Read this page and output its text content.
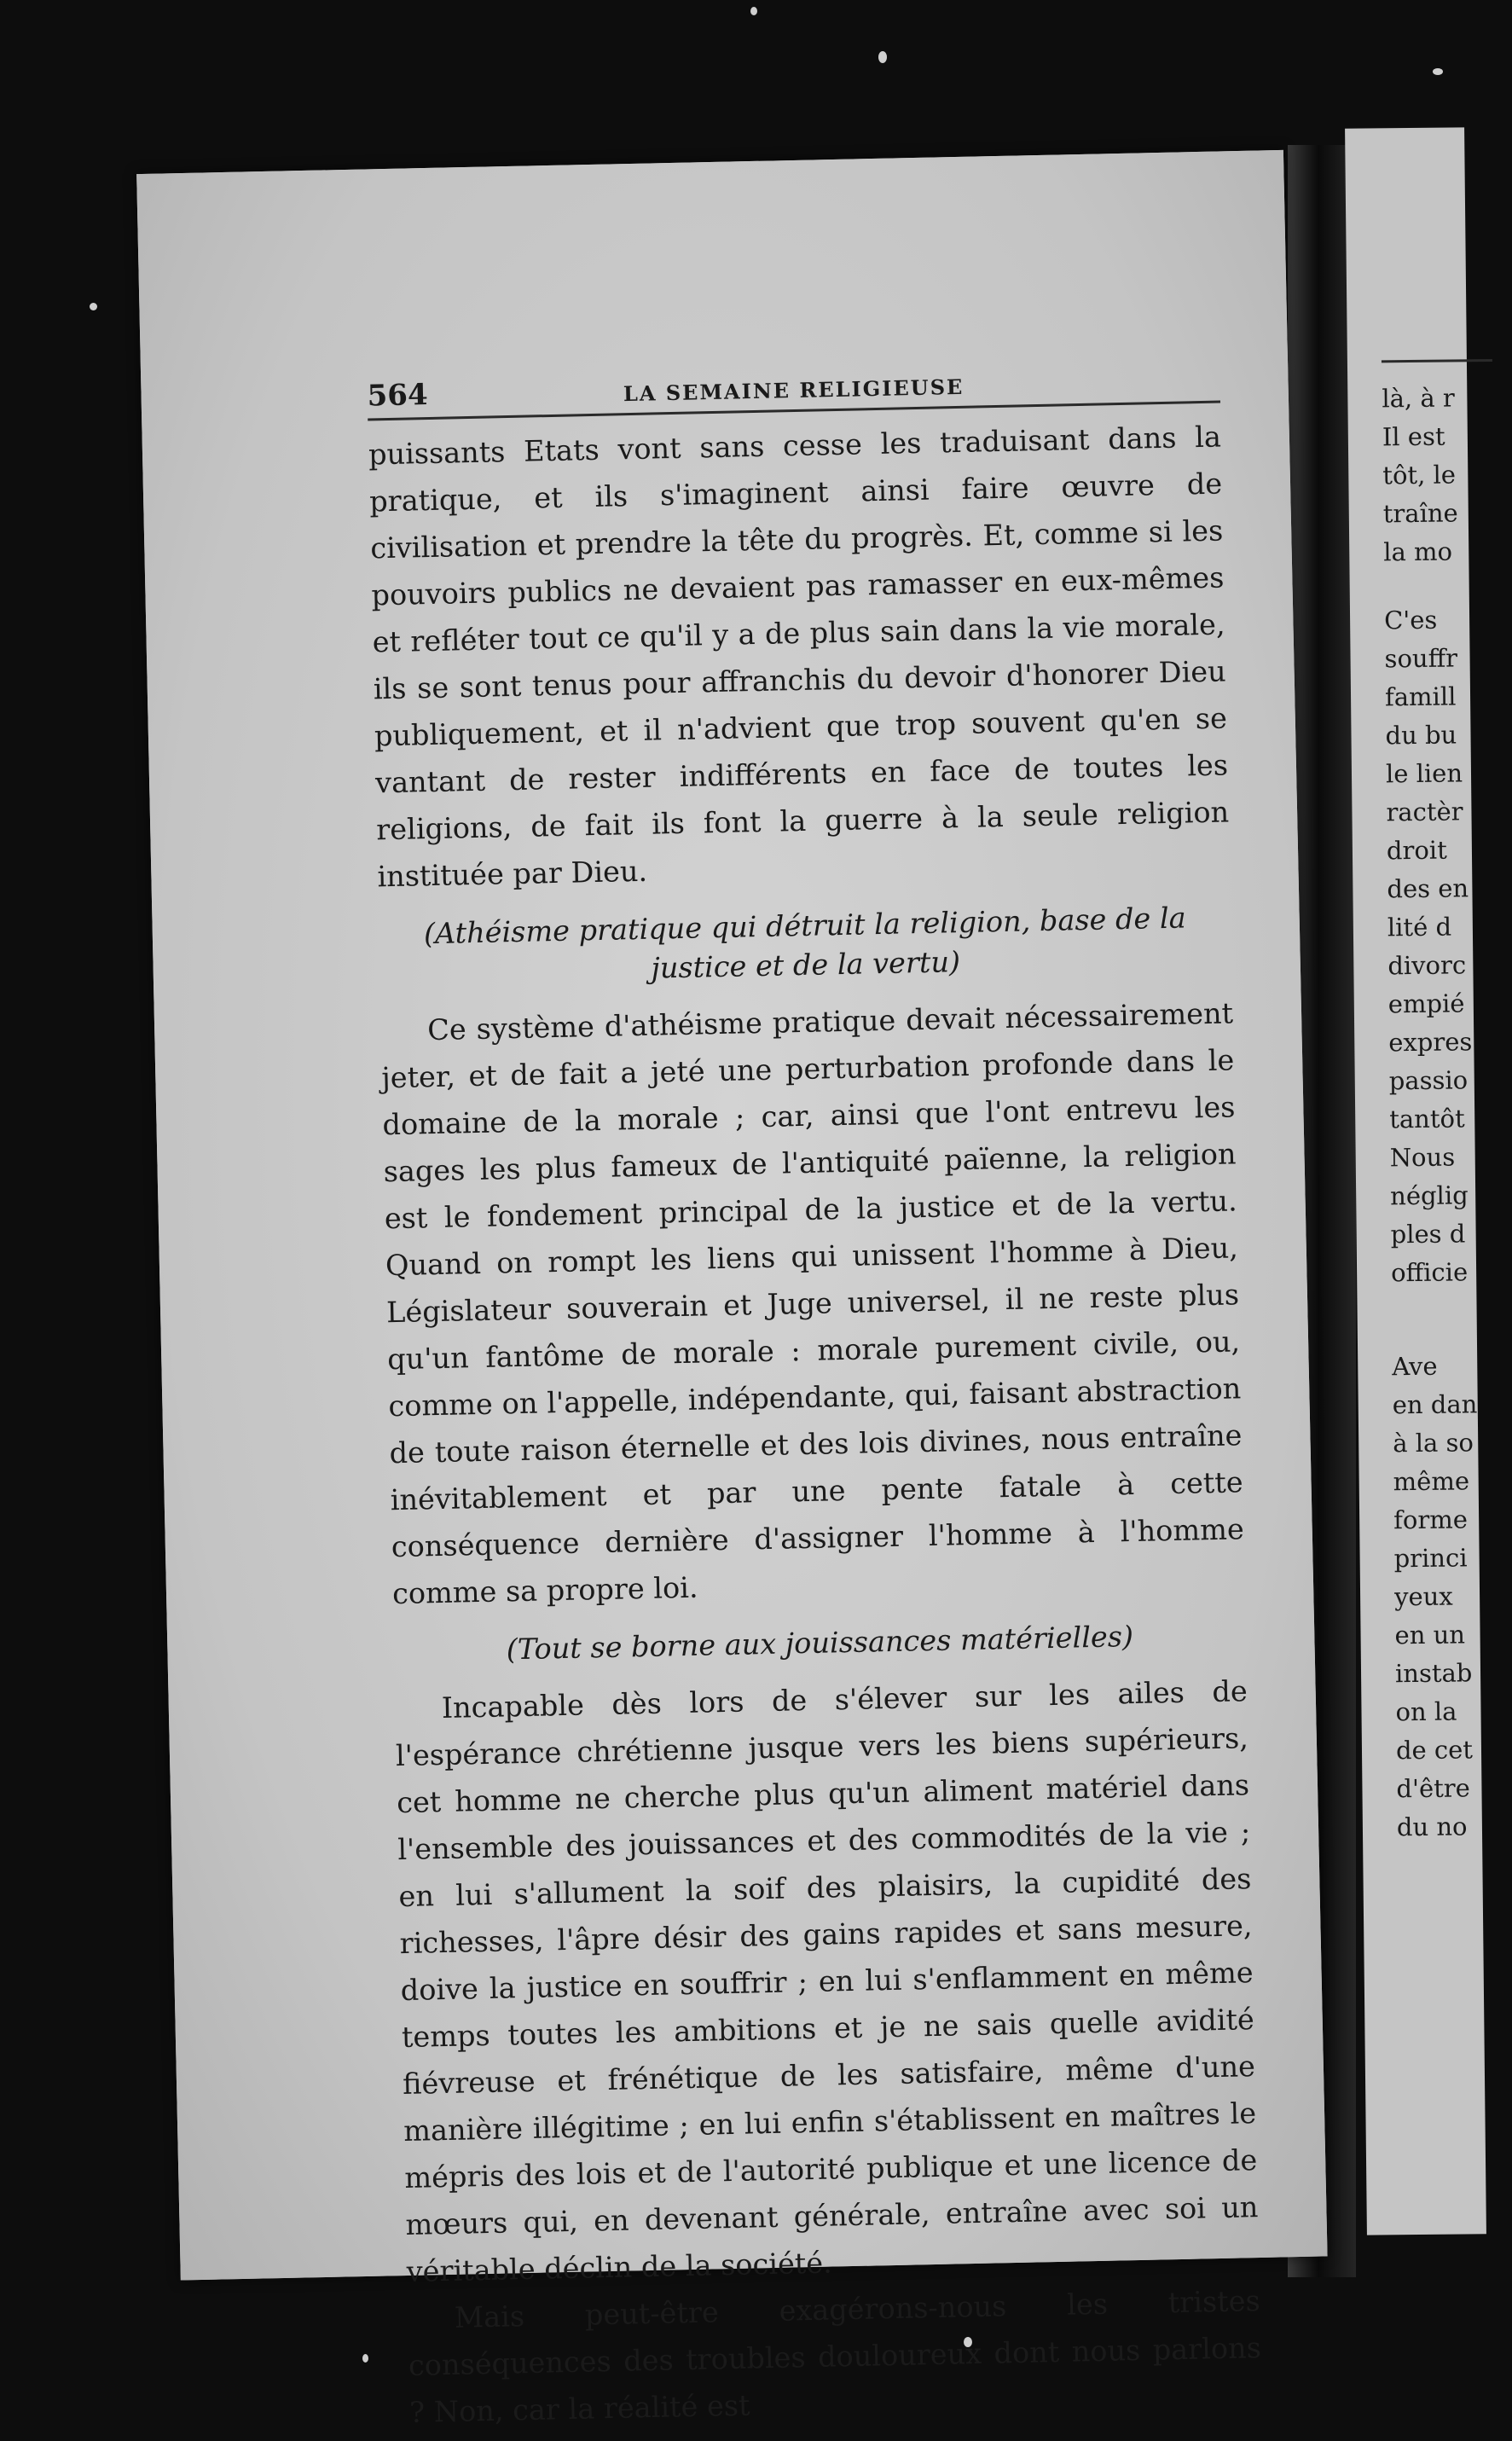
564	LA SEMAINE RELIGIEUSE

puissants Etats vont sans cesse les traduisant dans la pratique, et ils s'imaginent ainsi faire œuvre de civilisation et prendre la tête du progrès. Et, comme si les pouvoirs publics ne devaient pas ramasser en eux-mêmes et refléter tout ce qu'il y a de plus sain dans la vie morale, ils se sont tenus pour affranchis du devoir d'honorer Dieu publiquement, et il n'advient que trop souvent qu'en se vantant de rester indifférents en face de toutes les religions, de fait ils font la guerre à la seule religion instituée par Dieu.

(Athéisme pratique qui détruit la religion, base de la justice et de la vertu)

Ce système d'athéisme pratique devait nécessairement jeter, et de fait a jeté une perturbation profonde dans le domaine de la morale ; car, ainsi que l'ont entrevu les sages les plus fameux de l'antiquité païenne, la religion est le fondement principal de la justice et de la vertu. Quand on rompt les liens qui unissent l'homme à Dieu, Législateur souverain et Juge universel, il ne reste plus qu'un fantôme de morale : morale purement civile, ou, comme on l'appelle, indépendante, qui, faisant abstraction de toute raison éternelle et des lois divines, nous entraîne inévitablement et par une pente fatale à cette conséquence dernière d'assigner l'homme à l'homme comme sa propre loi.

(Tout se borne aux jouissances matérielles)

Incapable dès lors de s'élever sur les ailes de l'espérance chrétienne jusque vers les biens supérieurs, cet homme ne cherche plus qu'un aliment matériel dans l'ensemble des jouissances et des commodités de la vie ; en lui s'allument la soif des plaisirs, la cupidité des richesses, l'âpre désir des gains rapides et sans mesure, doive la justice en souffrir ; en lui s'enflamment en même temps toutes les ambitions et je ne sais quelle avidité fiévreuse et frénétique de les satisfaire, même d'une manière illégitime ; en lui enfin s'établissent en maîtres le mépris des lois et de l'autorité publique et une licence de mœurs qui, en devenant générale, entraîne avec soi un véritable déclin de la société.

Mais peut-être exagérons-nous les tristes conséquences des troubles douloureux dont nous parlons ? Non, car la réalité est

là, à r
Il est
tôt, le
traîne
la mo
C'es
souffr
famill
du bu
le lien
ractèr
droit
des en
lité d
divorc
empié
expres
passio
tantôt
Nous
néglig
ples d
officie
Ave
en dan
à la so
même
forme
princi
yeux
en un
instab
on la
de cet
d'être
du no
